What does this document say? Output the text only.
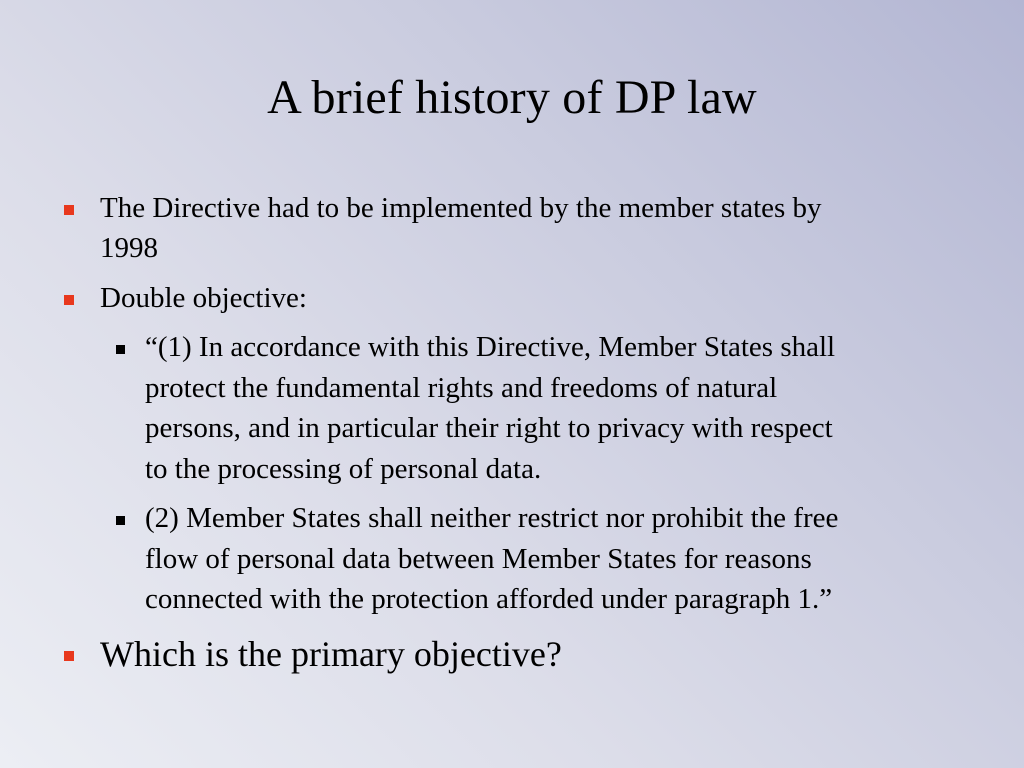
A brief history of DP law
The Directive had to be implemented by the member states by
1998
Double objective:
“(1) In accordance with this Directive, Member States shall
protect the fundamental rights and freedoms of natural
persons, and in particular their right to privacy with respect
to the processing of personal data.
(2) Member States shall neither restrict nor prohibit the free
flow of personal data between Member States for reasons
connected with the protection afforded under paragraph 1.”
Which is the primary objective?
